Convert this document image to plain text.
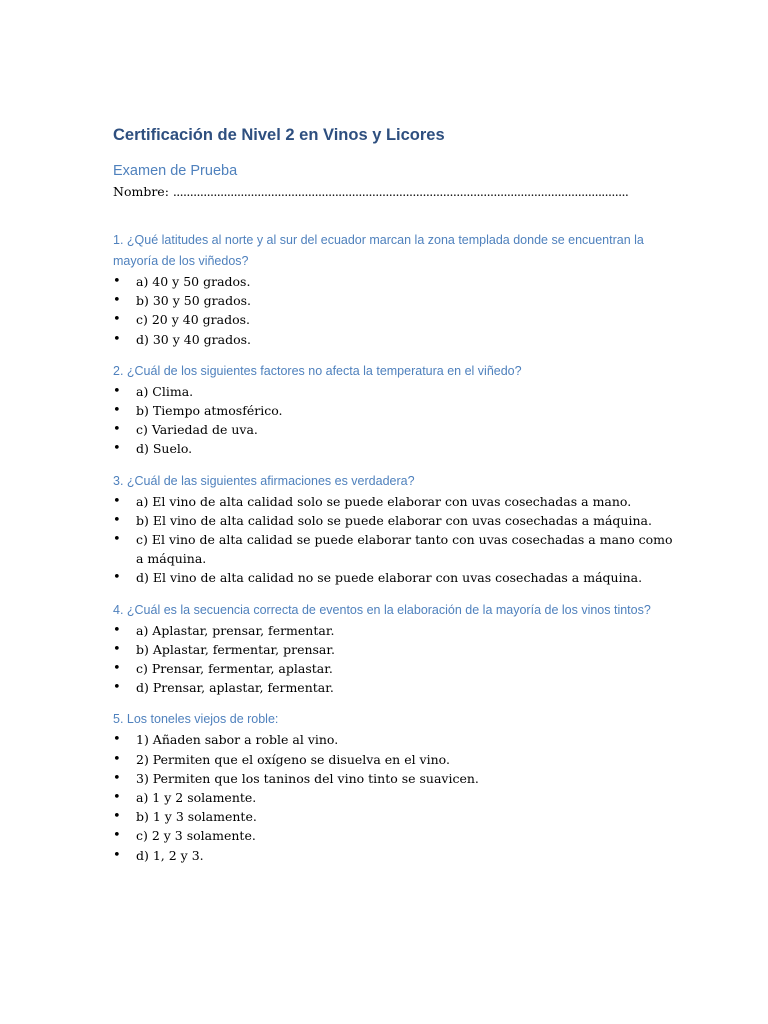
Certificación de Nivel 2 en Vinos y Licores
Examen de Prueba
Nombre: .......................................................................................................................................

1. ¿Qué latitudes al norte y al sur del ecuador marcan la zona templada donde se encuentran la mayoría de los viñedos?

• a) 40 y 50 grados.
• b) 30 y 50 grados.
• c) 20 y 40 grados.
• d) 30 y 40 grados.

2. ¿Cuál de los siguientes factores no afecta la temperatura en el viñedo?

• a) Clima.
• b) Tiempo atmosférico.
• c) Variedad de uva.
• d) Suelo.

3. ¿Cuál de las siguientes afirmaciones es verdadera?

• a) El vino de alta calidad solo se puede elaborar con uvas cosechadas a mano.
• b) El vino de alta calidad solo se puede elaborar con uvas cosechadas a máquina.
• c) El vino de alta calidad se puede elaborar tanto con uvas cosechadas a mano como a máquina.
• d) El vino de alta calidad no se puede elaborar con uvas cosechadas a máquina.

4. ¿Cuál es la secuencia correcta de eventos en la elaboración de la mayoría de los vinos tintos?

• a) Aplastar, prensar, fermentar.
• b) Aplastar, fermentar, prensar.
• c) Prensar, fermentar, aplastar.
• d) Prensar, aplastar, fermentar.

5. Los toneles viejos de roble:

• 1) Añaden sabor a roble al vino.
• 2) Permiten que el oxígeno se disuelva en el vino.
• 3) Permiten que los taninos del vino tinto se suavicen.
• a) 1 y 2 solamente.
• b) 1 y 3 solamente.
• c) 2 y 3 solamente.
• d) 1, 2 y 3.
